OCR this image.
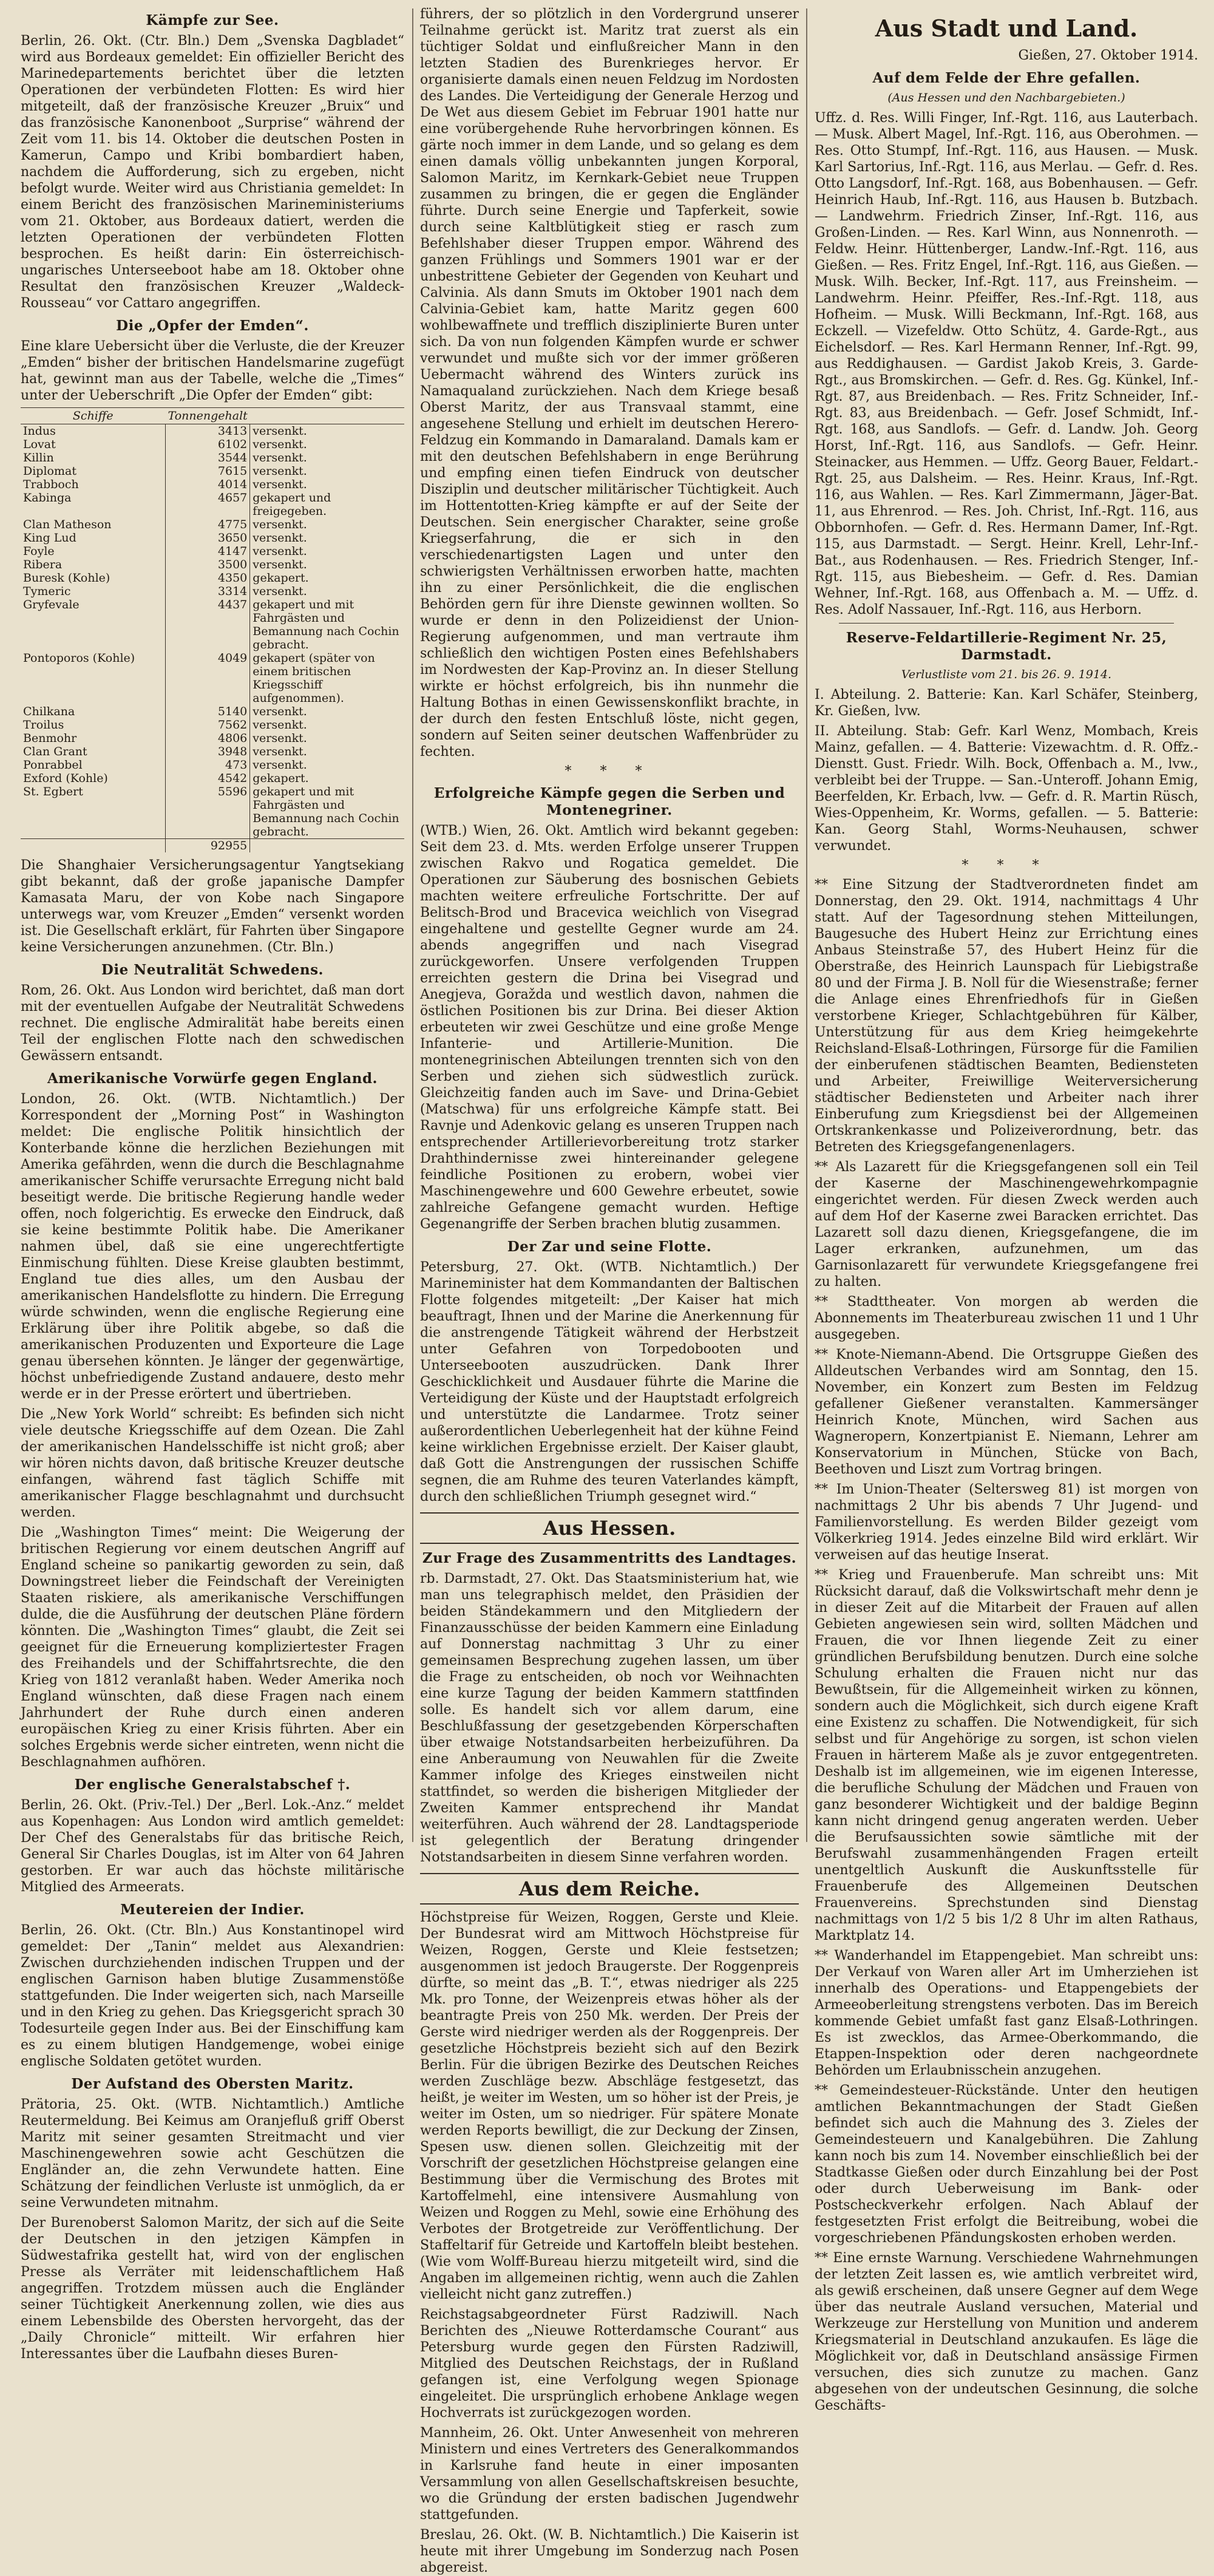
Kämpfe zur See.

Berlin, 26. Okt. (Ctr. Bln.) Dem „Svenska Dagbladet“ wird aus Bordeaux gemeldet: Ein offizieller Bericht des Marinedepartements berichtet über die letzten Operationen der verbündeten Flotten: Es wird hier mitgeteilt, daß der französische Kreuzer „Bruix“ und das französische Kanonenboot „Surprise“ während der Zeit vom 11. bis 14. Oktober die deutschen Posten in Kamerun, Campo und Kribi bombardiert haben, nachdem die Aufforderung, sich zu ergeben, nicht befolgt wurde. Weiter wird aus Christiania gemeldet: In einem Bericht des französischen Marineministeriums vom 21. Oktober, aus Bordeaux datiert, werden die letzten Operationen der verbündeten Flotten besprochen. Es heißt darin: Ein österreichisch-ungarisches Unterseeboot habe am 18. Oktober ohne Resultat den französischen Kreuzer „Waldeck-Rousseau“ vor Cattaro angegriffen.

Die „Opfer der Emden“.

Eine klare Uebersicht über die Verluste, die der Kreuzer „Emden“ bisher der britischen Handelsmarine zugefügt hat, gewinnt man aus der Tabelle, welche die „Times“ unter der Ueberschrift „Die Opfer der Emden“ gibt:

Schiffe	Tonnengehalt	
Indus	3413	versenkt.
Lovat	6102	versenkt.
Killin	3544	versenkt.
Diplomat	7615	versenkt.
Trabboch	4014	versenkt.
Kabinga	4657	gekapert und freigegeben.
Clan Matheson	4775	versenkt.
King Lud	3650	versenkt.
Foyle	4147	versenkt.
Ribera	3500	versenkt.
Buresk (Kohle)	4350	gekapert.
Tymeric	3314	versenkt.
Gryfevale	4437	gekapert und mit Fahrgästen und Bemannung nach Cochin gebracht.
Pontoporos (Kohle)	4049	gekapert (später von einem britischen Kriegsschiff aufgenommen).
Chilkana	5140	versenkt.
Troilus	7562	versenkt.
Benmohr	4806	versenkt.
Clan Grant	3948	versenkt.
Ponrabbel	473	versenkt.
Exford (Kohle)	4542	gekapert.
St. Egbert	5596	gekapert und mit Fahrgästen und Bemannung nach Cochin gebracht.
	92955	

Die Shanghaier Versicherungsagentur Yangtsekiang gibt bekannt, daß der große japanische Dampfer Kamasata Maru, der von Kobe nach Singapore unterwegs war, vom Kreuzer „Emden“ versenkt worden ist. Die Gesellschaft erklärt, für Fahrten über Singapore keine Versicherungen anzunehmen. (Ctr. Bln.)

Die Neutralität Schwedens.

Rom, 26. Okt. Aus London wird berichtet, daß man dort mit der eventuellen Aufgabe der Neutralität Schwedens rechnet. Die englische Admiralität habe bereits einen Teil der englischen Flotte nach den schwedischen Gewässern entsandt.

Amerikanische Vorwürfe gegen England.

London, 26. Okt. (WTB. Nichtamtlich.) Der Korrespondent der „Morning Post“ in Washington meldet: Die englische Politik hinsichtlich der Konterbande könne die herzlichen Beziehungen mit Amerika gefährden, wenn die durch die Beschlagnahme amerikanischer Schiffe verursachte Erregung nicht bald beseitigt werde. Die britische Regierung handle weder offen, noch folgerichtig. Es erwecke den Eindruck, daß sie keine bestimmte Politik habe. Die Amerikaner nahmen übel, daß sie eine ungerechtfertigte Einmischung fühlten. Diese Kreise glaubten bestimmt, England tue dies alles, um den Ausbau der amerikanischen Handelsflotte zu hindern. Die Erregung würde schwinden, wenn die englische Regierung eine Erklärung über ihre Politik abgebe, so daß die amerikanischen Produzenten und Exporteure die Lage genau übersehen könnten. Je länger der gegenwärtige, höchst unbefriedigende Zustand andauere, desto mehr werde er in der Presse erörtert und übertrieben.

Die „New York World“ schreibt: Es befinden sich nicht viele deutsche Kriegsschiffe auf dem Ozean. Die Zahl der amerikanischen Handelsschiffe ist nicht groß; aber wir hören nichts davon, daß britische Kreuzer deutsche einfangen, während fast täglich Schiffe mit amerikanischer Flagge beschlagnahmt und durchsucht werden.

Die „Washington Times“ meint: Die Weigerung der britischen Regierung vor einem deutschen Angriff auf England scheine so panikartig geworden zu sein, daß Downingstreet lieber die Feindschaft der Vereinigten Staaten riskiere, als amerikanische Verschiffungen dulde, die die Ausführung der deutschen Pläne fördern könnten. Die „Washington Times“ glaubt, die Zeit sei geeignet für die Erneuerung kompliziertester Fragen des Freihandels und der Schiffahrtsrechte, die den Krieg von 1812 veranlaßt haben. Weder Amerika noch England wünschten, daß diese Fragen nach einem Jahrhundert der Ruhe durch einen anderen europäischen Krieg zu einer Krisis führten. Aber ein solches Ergebnis werde sicher eintreten, wenn nicht die Beschlagnahmen aufhören.

Der englische Generalstabschef †.

Berlin, 26. Okt. (Priv.-Tel.) Der „Berl. Lok.-Anz.“ meldet aus Kopenhagen: Aus London wird amtlich gemeldet: Der Chef des Generalstabs für das britische Reich, General Sir Charles Douglas, ist im Alter von 64 Jahren gestorben. Er war auch das höchste militärische Mitglied des Armeerats.

Meutereien der Indier.

Berlin, 26. Okt. (Ctr. Bln.) Aus Konstantinopel wird gemeldet: Der „Tanin“ meldet aus Alexandrien: Zwischen durchziehenden indischen Truppen und der englischen Garnison haben blutige Zusammenstöße stattgefunden. Die Inder weigerten sich, nach Marseille und in den Krieg zu gehen. Das Kriegsgericht sprach 30 Todesurteile gegen Inder aus. Bei der Einschiffung kam es zu einem blutigen Handgemenge, wobei einige englische Soldaten getötet wurden.

Der Aufstand des Obersten Maritz.

Prätoria, 25. Okt. (WTB. Nichtamtlich.) Amtliche Reutermeldung. Bei Keimus am Oranjefluß griff Oberst Maritz mit seiner gesamten Streitmacht und vier Maschinengewehren sowie acht Geschützen die Engländer an, die zehn Verwundete hatten. Eine Schätzung der feindlichen Verluste ist unmöglich, da er seine Verwundeten mitnahm.

Der Burenoberst Salomon Maritz, der sich auf die Seite der Deutschen in den jetzigen Kämpfen in Südwestafrika gestellt hat, wird von der englischen Presse als Verräter mit leidenschaftlichem Haß angegriffen. Trotzdem müssen auch die Engländer seiner Tüchtigkeit Anerkennung zollen, wie dies aus einem Lebensbilde des Obersten hervorgeht, das der „Daily Chronicle“ mitteilt. Wir erfahren hier Interessantes über die Laufbahn dieses Buren-

führers, der so plötzlich in den Vordergrund unserer Teilnahme gerückt ist. Maritz trat zuerst als ein tüchtiger Soldat und einflußreicher Mann in den letzten Stadien des Burenkrieges hervor. Er organisierte damals einen neuen Feldzug im Nordosten des Landes. Die Verteidigung der Generale Herzog und De Wet aus diesem Gebiet im Februar 1901 hatte nur eine vorübergehende Ruhe hervorbringen können. Es gärte noch immer in dem Lande, und so gelang es dem einen damals völlig unbekannten jungen Korporal, Salomon Maritz, im Kernkark-Gebiet neue Truppen zusammen zu bringen, die er gegen die Engländer führte. Durch seine Energie und Tapferkeit, sowie durch seine Kaltblütigkeit stieg er rasch zum Befehlshaber dieser Truppen empor. Während des ganzen Frühlings und Sommers 1901 war er der unbestrittene Gebieter der Gegenden von Keuhart und Calvinia. Als dann Smuts im Oktober 1901 nach dem Calvinia-Gebiet kam, hatte Maritz gegen 600 wohlbewaffnete und trefflich disziplinierte Buren unter sich. Da von nun folgenden Kämpfen wurde er schwer verwundet und mußte sich vor der immer größeren Uebermacht während des Winters zurück ins Namaqualand zurückziehen. Nach dem Kriege besaß Oberst Maritz, der aus Transvaal stammt, eine angesehene Stellung und erhielt im deutschen Herero-Feldzug ein Kommando in Damaraland. Damals kam er mit den deutschen Befehlshabern in enge Berührung und empfing einen tiefen Eindruck von deutscher Disziplin und deutscher militärischer Tüchtigkeit. Auch im Hottentotten-Krieg kämpfte er auf der Seite der Deutschen. Sein energischer Charakter, seine große Kriegserfahrung, die er sich in den verschiedenartigsten Lagen und unter den schwierigsten Verhältnissen erworben hatte, machten ihn zu einer Persönlichkeit, die die englischen Behörden gern für ihre Dienste gewinnen wollten. So wurde er denn in den Polizeidienst der Union-Regierung aufgenommen, und man vertraute ihm schließlich den wichtigen Posten eines Befehlshabers im Nordwesten der Kap-Provinz an. In dieser Stellung wirkte er höchst erfolgreich, bis ihn nunmehr die Haltung Bothas in einen Gewissenskonflikt brachte, in der durch den festen Entschluß löste, nicht gegen, sondern auf Seiten seiner deutschen Waffenbrüder zu fechten.

* * *
Erfolgreiche Kämpfe gegen die Serben und Montenegriner.

(WTB.) Wien, 26. Okt. Amtlich wird bekannt gegeben: Seit dem 23. d. Mts. werden Erfolge unserer Truppen zwischen Rakvo und Rogatica gemeldet. Die Operationen zur Säuberung des bosnischen Gebiets machten weitere erfreuliche Fortschritte. Der auf Belitsch-Brod und Bracevica weichlich von Visegrad eingehaltene und gestellte Gegner wurde am 24. abends angegriffen und nach Visegrad zurückgeworfen. Unsere verfolgenden Truppen erreichten gestern die Drina bei Visegrad und Anegjeva, Goražda und westlich davon, nahmen die östlichen Positionen bis zur Drina. Bei dieser Aktion erbeuteten wir zwei Geschütze und eine große Menge Infanterie- und Artillerie-Munition. Die montenegrinischen Abteilungen trennten sich von den Serben und ziehen sich südwestlich zurück. Gleichzeitig fanden auch im Save- und Drina-Gebiet (Matschwa) für uns erfolgreiche Kämpfe statt. Bei Ravnje und Adenkovic gelang es unseren Truppen nach entsprechender Artillerievorbereitung trotz starker Drahthindernisse zwei hintereinander gelegene feindliche Positionen zu erobern, wobei vier Maschinengewehre und 600 Gewehre erbeutet, sowie zahlreiche Gefangene gemacht wurden. Heftige Gegenangriffe der Serben brachen blutig zusammen.

Der Zar und seine Flotte.

Petersburg, 27. Okt. (WTB. Nichtamtlich.) Der Marineminister hat dem Kommandanten der Baltischen Flotte folgendes mitgeteilt: „Der Kaiser hat mich beauftragt, Ihnen und der Marine die Anerkennung für die anstrengende Tätigkeit während der Herbstzeit unter Gefahren von Torpedobooten und Unterseebooten auszudrücken. Dank Ihrer Geschicklichkeit und Ausdauer führte die Marine die Verteidigung der Küste und der Hauptstadt erfolgreich und unterstützte die Landarmee. Trotz seiner außerordentlichen Ueberlegenheit hat der kühne Feind keine wirklichen Ergebnisse erzielt. Der Kaiser glaubt, daß Gott die Anstrengungen der russischen Schiffe segnen, die am Ruhme des teuren Vaterlandes kämpft, durch den schließlichen Triumph gesegnet wird.“

Aus Hessen.
Zur Frage des Zusammentritts des Landtages.

rb. Darmstadt, 27. Okt. Das Staatsministerium hat, wie man uns telegraphisch meldet, den Präsidien der beiden Ständekammern und den Mitgliedern der Finanzausschüsse der beiden Kammern eine Einladung auf Donnerstag nachmittag 3 Uhr zu einer gemeinsamen Besprechung zugehen lassen, um über die Frage zu entscheiden, ob noch vor Weihnachten eine kurze Tagung der beiden Kammern stattfinden solle. Es handelt sich vor allem darum, eine Beschlußfassung der gesetzgebenden Körperschaften über etwaige Notstandsarbeiten herbeizuführen. Da eine Anberaumung von Neuwahlen für die Zweite Kammer infolge des Krieges einstweilen nicht stattfindet, so werden die bisherigen Mitglieder der Zweiten Kammer entsprechend ihr Mandat weiterführen. Auch während der 28. Landtagsperiode ist gelegentlich der Beratung dringender Notstandsarbeiten in diesem Sinne verfahren worden.

Aus dem Reiche.

Höchstpreise für Weizen, Roggen, Gerste und Kleie. Der Bundesrat wird am Mittwoch Höchstpreise für Weizen, Roggen, Gerste und Kleie festsetzen; ausgenommen ist jedoch Braugerste. Der Roggenpreis dürfte, so meint das „B. T.“, etwas niedriger als 225 Mk. pro Tonne, der Weizenpreis etwas höher als der beantragte Preis von 250 Mk. werden. Der Preis der Gerste wird niedriger werden als der Roggenpreis. Der gesetzliche Höchstpreis bezieht sich auf den Bezirk Berlin. Für die übrigen Bezirke des Deutschen Reiches werden Zuschläge bezw. Abschläge festgesetzt, das heißt, je weiter im Westen, um so höher ist der Preis, je weiter im Osten, um so niedriger. Für spätere Monate werden Reports bewilligt, die zur Deckung der Zinsen, Spesen usw. dienen sollen. Gleichzeitig mit der Vorschrift der gesetzlichen Höchstpreise gelangen eine Bestimmung über die Vermischung des Brotes mit Kartoffelmehl, eine intensivere Ausmahlung von Weizen und Roggen zu Mehl, sowie eine Erhöhung des Verbotes der Brotgetreide zur Veröffentlichung. Der Staffeltarif für Getreide und Kartoffeln bleibt bestehen. (Wie vom Wolff-Bureau hierzu mitgeteilt wird, sind die Angaben im allgemeinen richtig, wenn auch die Zahlen vielleicht nicht ganz zutreffen.)

Reichstagsabgeordneter Fürst Radziwill. Nach Berichten des „Nieuwe Rotterdamsche Courant“ aus Petersburg wurde gegen den Fürsten Radziwill, Mitglied des Deutschen Reichstags, der in Rußland gefangen ist, eine Verfolgung wegen Spionage eingeleitet. Die ursprünglich erhobene Anklage wegen Hochverrats ist zurückgezogen worden.

Mannheim, 26. Okt. Unter Anwesenheit von mehreren Ministern und eines Vertreters des Generalkommandos in Karlsruhe fand heute in einer imposanten Versammlung von allen Gesellschaftskreisen besuchte, wo die Gründung der ersten badischen Jugendwehr stattgefunden.

Breslau, 26. Okt. (W. B. Nichtamtlich.) Die Kaiserin ist heute mit ihrer Umgebung im Sonderzug nach Posen abgereist.

Aus Stadt und Land.
Gießen, 27. Oktober 1914.
Auf dem Felde der Ehre gefallen.
(Aus Hessen und den Nachbargebieten.)

Uffz. d. Res. Willi Finger, Inf.-Rgt. 116, aus Lauterbach. — Musk. Albert Magel, Inf.-Rgt. 116, aus Oberohmen. — Res. Otto Stumpf, Inf.-Rgt. 116, aus Hausen. — Musk. Karl Sartorius, Inf.-Rgt. 116, aus Merlau. — Gefr. d. Res. Otto Langsdorf, Inf.-Rgt. 168, aus Bobenhausen. — Gefr. Heinrich Haub, Inf.-Rgt. 116, aus Hausen b. Butzbach. — Landwehrm. Friedrich Zinser, Inf.-Rgt. 116, aus Großen-Linden. — Res. Karl Winn, aus Nonnenroth. — Feldw. Heinr. Hüttenberger, Landw.-Inf.-Rgt. 116, aus Gießen. — Res. Fritz Engel, Inf.-Rgt. 116, aus Gießen. — Musk. Wilh. Becker, Inf.-Rgt. 117, aus Freinsheim. — Landwehrm. Heinr. Pfeiffer, Res.-Inf.-Rgt. 118, aus Hofheim. — Musk. Willi Beckmann, Inf.-Rgt. 168, aus Eckzell. — Vizefeldw. Otto Schütz, 4. Garde-Rgt., aus Eichelsdorf. — Res. Karl Hermann Renner, Inf.-Rgt. 99, aus Reddighausen. — Gardist Jakob Kreis, 3. Garde-Rgt., aus Bromskirchen. — Gefr. d. Res. Gg. Künkel, Inf.-Rgt. 87, aus Breidenbach. — Res. Fritz Schneider, Inf.-Rgt. 83, aus Breidenbach. — Gefr. Josef Schmidt, Inf.-Rgt. 168, aus Sandlofs. — Gefr. d. Landw. Joh. Georg Horst, Inf.-Rgt. 116, aus Sandlofs. — Gefr. Heinr. Steinacker, aus Hemmen. — Uffz. Georg Bauer, Feldart.-Rgt. 25, aus Dalsheim. — Res. Heinr. Kraus, Inf.-Rgt. 116, aus Wahlen. — Res. Karl Zimmermann, Jäger-Bat. 11, aus Ehrenrod. — Res. Joh. Christ, Inf.-Rgt. 116, aus Obbornhofen. — Gefr. d. Res. Hermann Damer, Inf.-Rgt. 115, aus Darmstadt. — Sergt. Heinr. Krell, Lehr-Inf.-Bat., aus Rodenhausen. — Res. Friedrich Stenger, Inf.-Rgt. 115, aus Biebesheim. — Gefr. d. Res. Damian Wehner, Inf.-Rgt. 168, aus Offenbach a. M. — Uffz. d. Res. Adolf Nassauer, Inf.-Rgt. 116, aus Herborn.

Reserve-Feldartillerie-Regiment Nr. 25, Darmstadt.
Verlustliste vom 21. bis 26. 9. 1914.

I. Abteilung. 2. Batterie: Kan. Karl Schäfer, Steinberg, Kr. Gießen, lvw.

II. Abteilung. Stab: Gefr. Karl Wenz, Mombach, Kreis Mainz, gefallen. — 4. Batterie: Vizewachtm. d. R. Offz.-Dienstt. Gust. Friedr. Wilh. Bock, Offenbach a. M., lvw., verbleibt bei der Truppe. — San.-Unteroff. Johann Emig, Beerfelden, Kr. Erbach, lvw. — Gefr. d. R. Martin Rüsch, Wies-Oppenheim, Kr. Worms, gefallen. — 5. Batterie: Kan. Georg Stahl, Worms-Neuhausen, schwer verwundet.

* * *

** Eine Sitzung der Stadtverordneten findet am Donnerstag, den 29. Okt. 1914, nachmittags 4 Uhr statt. Auf der Tagesordnung stehen Mitteilungen, Baugesuche des Hubert Heinz zur Errichtung eines Anbaus Steinstraße 57, des Hubert Heinz für die Oberstraße, des Heinrich Launspach für Liebigstraße 80 und der Firma J. B. Noll für die Wiesenstraße; ferner die Anlage eines Ehrenfriedhofs für in Gießen verstorbene Krieger, Schlachtgebühren für Kälber, Unterstützung für aus dem Krieg heimgekehrte Reichsland-Elsaß-Lothringen, Fürsorge für die Familien der einberufenen städtischen Beamten, Bediensteten und Arbeiter, Freiwillige Weiterversicherung städtischer Bediensteten und Arbeiter nach ihrer Einberufung zum Kriegsdienst bei der Allgemeinen Ortskrankenkasse und Polizeiverordnung, betr. das Betreten des Kriegsgefangenenlagers.

** Als Lazarett für die Kriegsgefangenen soll ein Teil der Kaserne der Maschinengewehrkompagnie eingerichtet werden. Für diesen Zweck werden auch auf dem Hof der Kaserne zwei Baracken errichtet. Das Lazarett soll dazu dienen, Kriegsgefangene, die im Lager erkranken, aufzunehmen, um das Garnisonlazarett für verwundete Kriegsgefangene frei zu halten.

** Stadttheater. Von morgen ab werden die Abonnements im Theaterbureau zwischen 11 und 1 Uhr ausgegeben.

** Knote-Niemann-Abend. Die Ortsgruppe Gießen des Alldeutschen Verbandes wird am Sonntag, den 15. November, ein Konzert zum Besten im Feldzug gefallener Gießener veranstalten. Kammersänger Heinrich Knote, München, wird Sachen aus Wagneropern, Konzertpianist E. Niemann, Lehrer am Konservatorium in München, Stücke von Bach, Beethoven und Liszt zum Vortrag bringen.

** Im Union-Theater (Seltersweg 81) ist morgen von nachmittags 2 Uhr bis abends 7 Uhr Jugend- und Familienvorstellung. Es werden Bilder gezeigt vom Völkerkrieg 1914. Jedes einzelne Bild wird erklärt. Wir verweisen auf das heutige Inserat.

** Krieg und Frauenberufe. Man schreibt uns: Mit Rücksicht darauf, daß die Volkswirtschaft mehr denn je in dieser Zeit auf die Mitarbeit der Frauen auf allen Gebieten angewiesen sein wird, sollten Mädchen und Frauen, die vor Ihnen liegende Zeit zu einer gründlichen Berufsbildung benutzen. Durch eine solche Schulung erhalten die Frauen nicht nur das Bewußtsein, für die Allgemeinheit wirken zu können, sondern auch die Möglichkeit, sich durch eigene Kraft eine Existenz zu schaffen. Die Notwendigkeit, für sich selbst und für Angehörige zu sorgen, ist schon vielen Frauen in härterem Maße als je zuvor entgegentreten. Deshalb ist im allgemeinen, wie im eigenen Interesse, die berufliche Schulung der Mädchen und Frauen von ganz besonderer Wichtigkeit und der baldige Beginn kann nicht dringend genug angeraten werden. Ueber die Berufsaussichten sowie sämtliche mit der Berufswahl zusammenhängenden Fragen erteilt unentgeltlich Auskunft die Auskunftsstelle für Frauenberufe des Allgemeinen Deutschen Frauenvereins. Sprechstunden sind Dienstag nachmittags von 1/2 5 bis 1/2 8 Uhr im alten Rathaus, Marktplatz 14.

** Wanderhandel im Etappengebiet. Man schreibt uns: Der Verkauf von Waren aller Art im Umherziehen ist innerhalb des Operations- und Etappengebiets der Armeeoberleitung strengstens verboten. Das im Bereich kommende Gebiet umfaßt fast ganz Elsaß-Lothringen. Es ist zwecklos, das Armee-Oberkommando, die Etappen-Inspektion oder deren nachgeordnete Behörden um Erlaubnisschein anzugehen.

** Gemeindesteuer-Rückstände. Unter den heutigen amtlichen Bekanntmachungen der Stadt Gießen befindet sich auch die Mahnung des 3. Zieles der Gemeindesteuern und Kanalgebühren. Die Zahlung kann noch bis zum 14. November einschließlich bei der Stadtkasse Gießen oder durch Einzahlung bei der Post oder durch Ueberweisung im Bank- oder Postscheckverkehr erfolgen. Nach Ablauf der festgesetzten Frist erfolgt die Beitreibung, wobei die vorgeschriebenen Pfändungskosten erhoben werden.

** Eine ernste Warnung. Verschiedene Wahrnehmungen der letzten Zeit lassen es, wie amtlich verbreitet wird, als gewiß erscheinen, daß unsere Gegner auf dem Wege über das neutrale Ausland versuchen, Material und Werkzeuge zur Herstellung von Munition und anderem Kriegsmaterial in Deutschland anzukaufen. Es läge die Möglichkeit vor, daß in Deutschland ansässige Firmen versuchen, dies sich zunutze zu machen. Ganz abgesehen von der undeutschen Gesinnung, die solche Geschäfts-
